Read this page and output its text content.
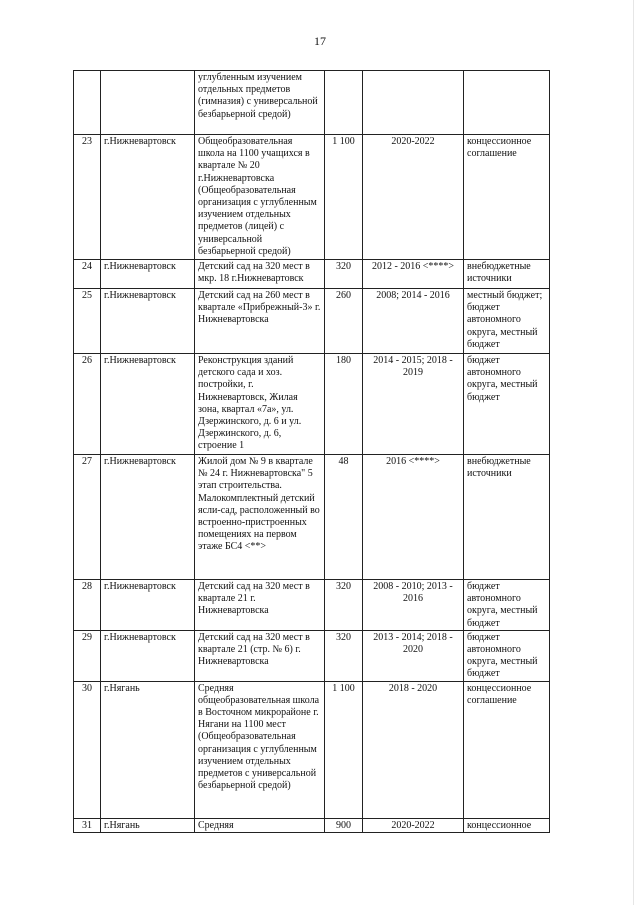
17
		углубленным изучением отдельных предметов (гимназия) с универсальной безбарьерной средой)			
23	г.Нижневартовск	Общеобразовательная школа на 1100 учащихся в квартале № 20 г.Нижневартовска (Общеобразовательная организация с углубленным изучением отдельных предметов (лицей) с универсальной безбарьерной средой)	1 100	2020-2022	концессионное соглашение
24	г.Нижневартовск	Детский сад на 320 мест в мкр. 18 г.Нижневартовск	320	2012 - 2016 <****>	внебюджетные источники
25	г.Нижневартовск	Детский сад на 260 мест в квартале «Прибрежный-3» г. Нижневартовска	260	2008; 2014 - 2016	местный бюджет; бюджет автономного округа, местный бюджет
26	г.Нижневартовск	Реконструкция зданий детского сада и хоз. постройки, г. Нижневартовск, Жилая зона, квартал «7а», ул. Дзержинского, д. 6 и ул. Дзержинского, д. 6, строение 1	180	2014 - 2015; 2018 - 2019	бюджет автономного округа, местный бюджет
27	г.Нижневартовск	Жилой дом № 9 в квартале № 24 г. Нижневартовска" 5 этап строительства. Малокомплектный детский ясли-сад, расположенный во встроенно-пристроенных помещениях на первом этаже БС4 <**>	48	2016 <****>	внебюджетные источники
28	г.Нижневартовск	Детский сад на 320 мест в квартале 21 г. Нижневартовска	320	2008 - 2010; 2013 - 2016	бюджет автономного округа, местный бюджет
29	г.Нижневартовск	Детский сад на 320 мест в квартале 21 (стр. № 6) г. Нижневартовска	320	2013 - 2014; 2018 - 2020	бюджет автономного округа, местный бюджет
30	г.Нягань	Средняя общеобразовательная школа в Восточном микрорайоне г. Нягани на 1100 мест (Общеобразовательная организация с углубленным изучением отдельных предметов с универсальной безбарьерной средой)	1 100	2018 - 2020	концессионное соглашение
31	г.Нягань	Средняя	900	2020-2022	концессионное
